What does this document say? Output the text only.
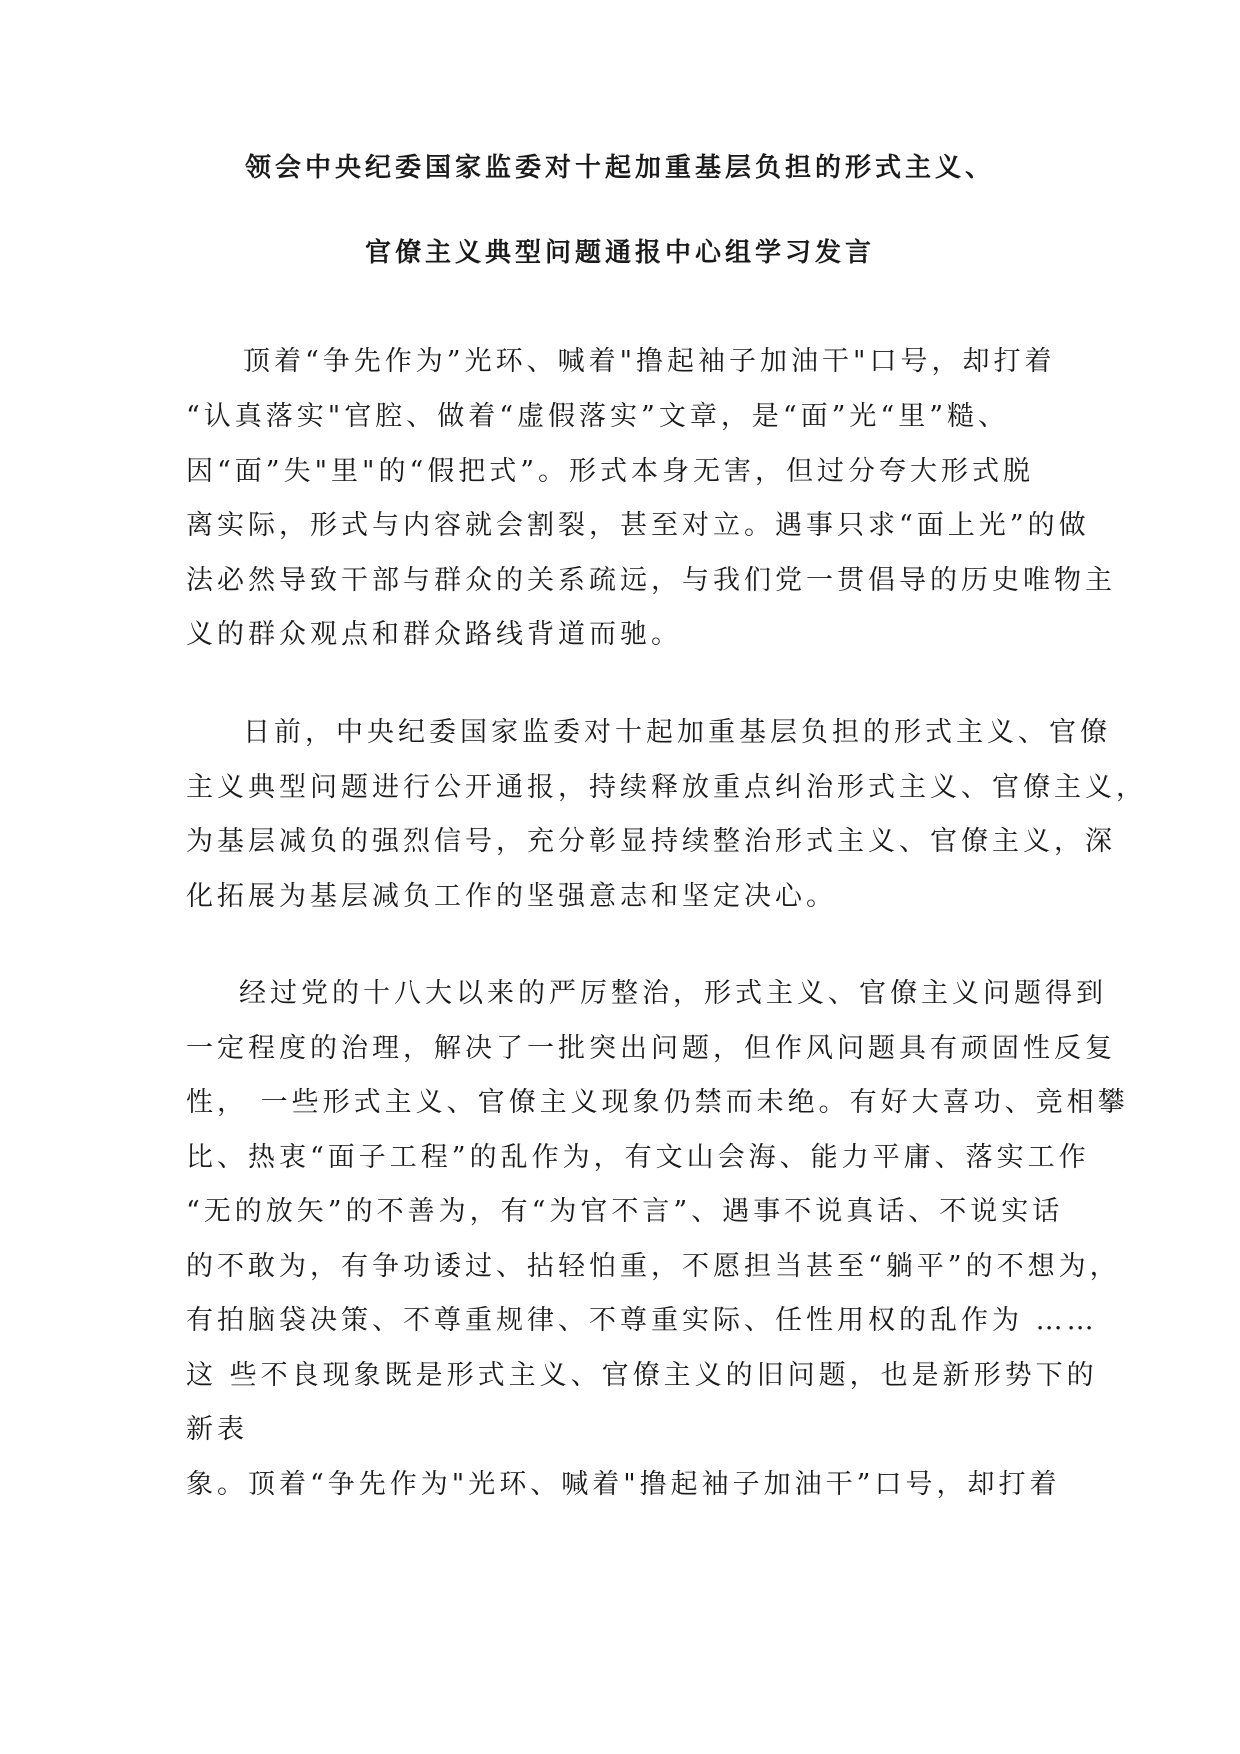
领会中央纪委国家监委对十起加重基层负担的形式主义、
官僚主义典型问题通报中心组学习发言
顶着“争先作为”光环、喊着"撸起袖子加油干"口号，却打着
“认真落实"官腔、做着“虚假落实”文章，是“面”光“里”糙、
因“面”失"里"的“假把式”。形式本身无害，但过分夸大形式脱
离实际，形式与内容就会割裂，甚至对立。遇事只求“面上光”的做
法必然导致干部与群众的关系疏远，与我们党一贯倡导的历史唯物主
义的群众观点和群众路线背道而驰。
日前，中央纪委国家监委对十起加重基层负担的形式主义、官僚
主义典型问题进行公开通报，持续释放重点纠治形式主义、官僚主义，
为基层减负的强烈信号，充分彰显持续整治形式主义、官僚主义，深
化拓展为基层减负工作的坚强意志和坚定决心。
经过党的十八大以来的严厉整治，形式主义、官僚主义问题得到
一定程度的治理，解决了一批突出问题，但作风问题具有顽固性反复
性， 一些形式主义、官僚主义现象仍禁而未绝。有好大喜功、竞相攀
比、热衷“面子工程”的乱作为，有文山会海、能力平庸、落实工作
“无的放矢”的不善为，有“为官不言”、遇事不说真话、不说实话
的不敢为，有争功诿过、拈轻怕重，不愿担当甚至“躺平”的不想为，
有拍脑袋决策、不尊重规律、不尊重实际、任性用权的乱作为 ……
这 些不良现象既是形式主义、官僚主义的旧问题，也是新形势下的
新表
象。顶着“争先作为"光环、喊着"撸起袖子加油干”口号，却打着
